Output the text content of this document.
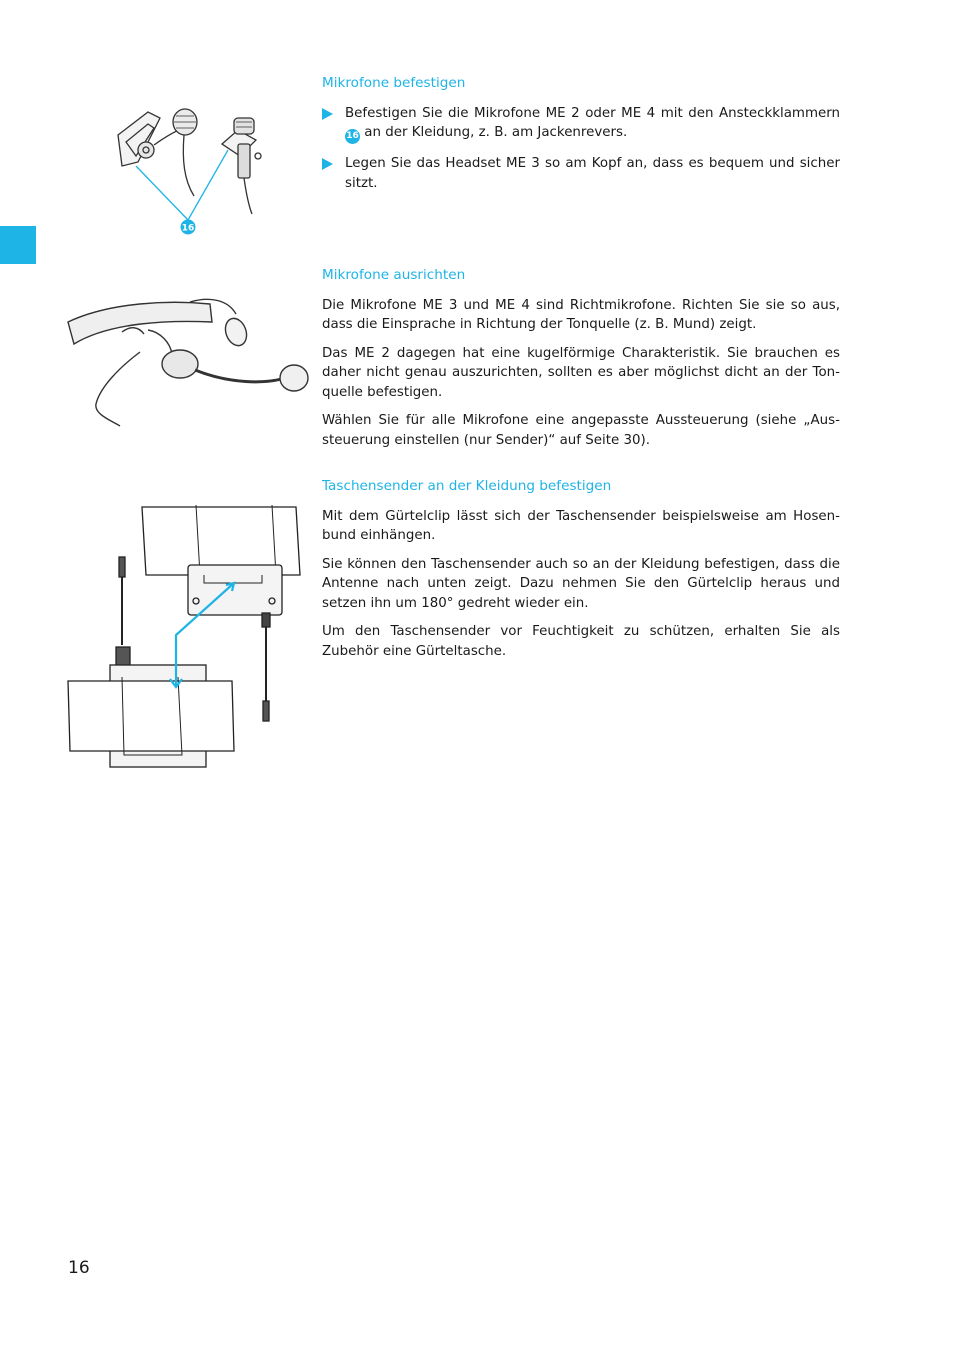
16

Mikrofone befestigen

Befestigen Sie die Mikrofone ME 2 oder ME 4 mit den Ansteckklammern 16 an der Kleidung, z. B. am Jackenrevers.

Legen Sie das Headset ME 3 so am Kopf an, dass es bequem und sicher sitzt.

Mikrofone ausrichten

Die Mikrofone ME 3 und ME 4 sind Richtmikrofone. Richten Sie sie so aus, dass die Einsprache in Richtung der Tonquelle (z. B. Mund) zeigt.

Das ME 2 dagegen hat eine kugelförmige Charakteristik. Sie brauchen es daher nicht genau auszurichten, sollten es aber möglichst dicht an der Tonquelle befestigen.

Wählen Sie für alle Mikrofone eine angepasste Aussteuerung (siehe „Aussteuerung einstellen (nur Sender)“ auf Seite 30).

Taschensender an der Kleidung befestigen

Mit dem Gürtelclip lässt sich der Taschensender beispielsweise am Hosenbund einhängen.

Sie können den Taschensender auch so an der Kleidung befestigen, dass die Antenne nach unten zeigt. Dazu nehmen Sie den Gürtelclip heraus und setzen ihn um 180° gedreht wieder ein.

Um den Taschensender vor Feuchtigkeit zu schützen, erhalten Sie als Zubehör eine Gürteltasche.

16
